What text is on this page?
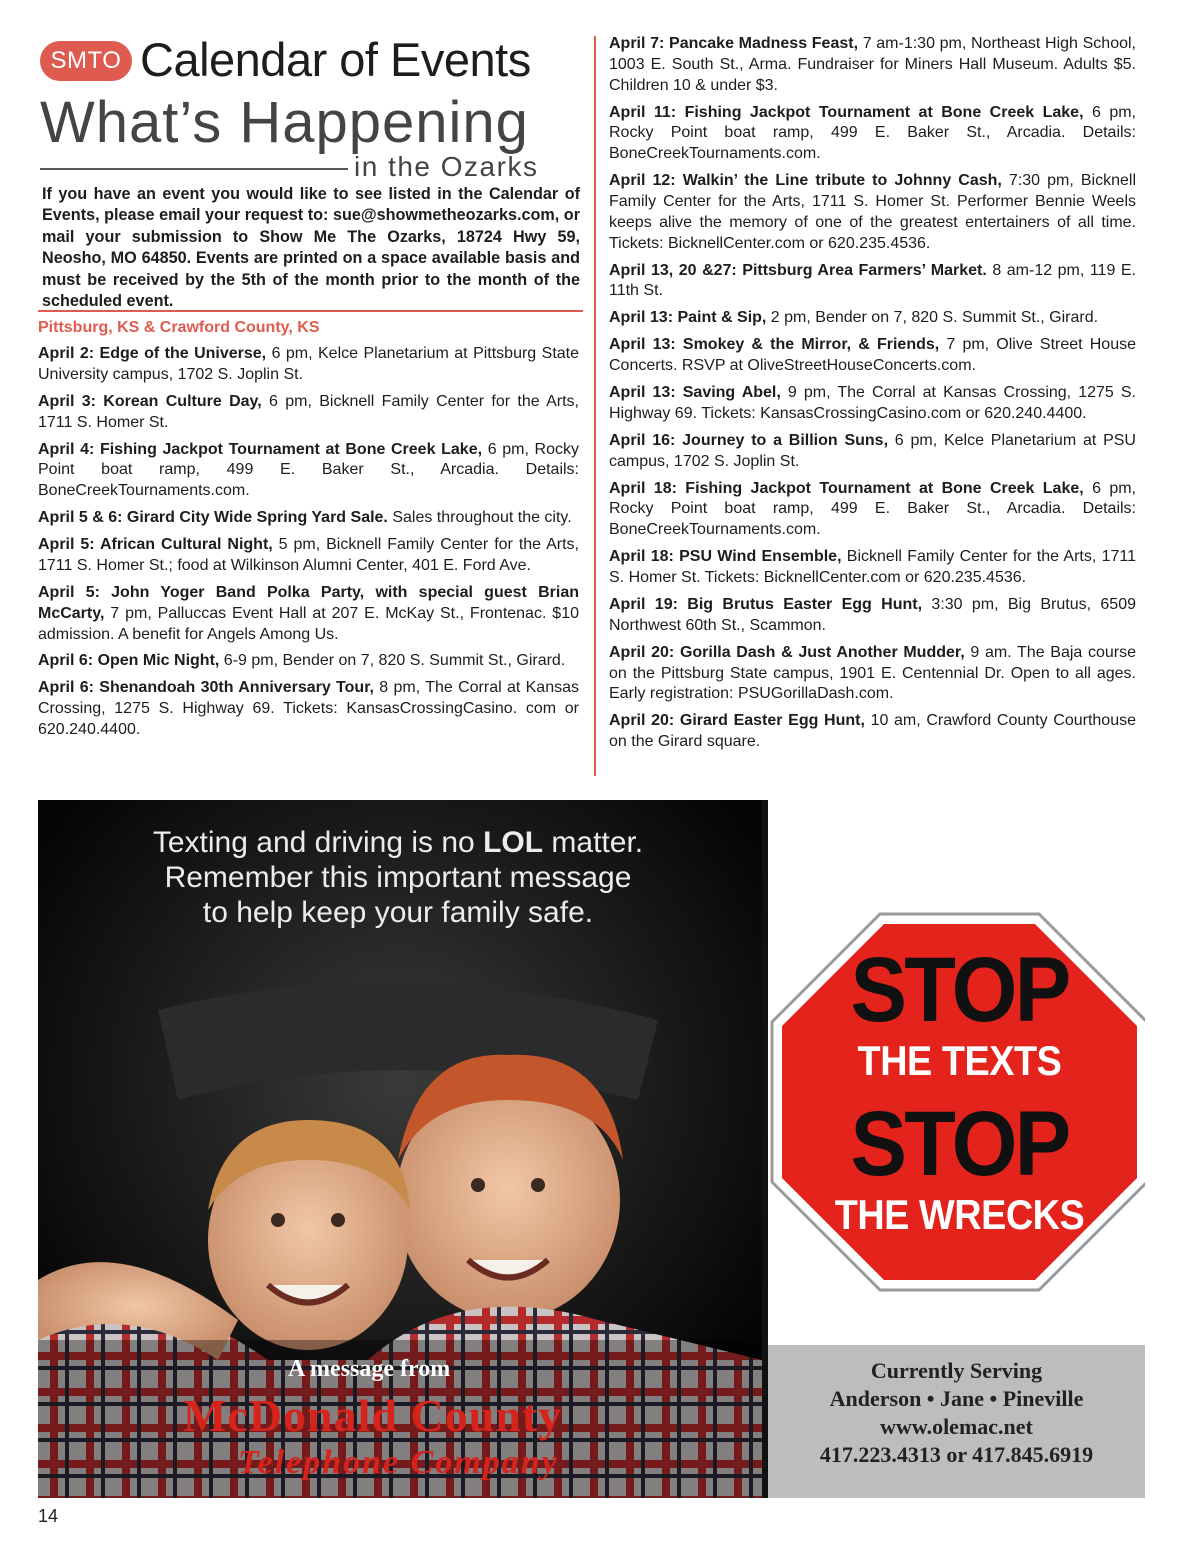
SMTO Calendar of Events
What’s Happening
in the Ozarks
If you have an event you would like to see listed in the Calendar of Events, please email your request to: sue@showmetheozarks.com, or mail your submission to Show Me The Ozarks, 18724 Hwy 59, Neosho, MO 64850. Events are printed on a space available basis and must be received by the 5th of the month prior to the month of the scheduled event.
Pittsburg, KS & Crawford County, KS

April 2: Edge of the Universe, 6 pm, Kelce Planetarium at Pittsburg State University campus, 1702 S. Joplin St.

April 3: Korean Culture Day, 6 pm, Bicknell Family Center for the Arts, 1711 S. Homer St.

April 4: Fishing Jackpot Tournament at Bone Creek Lake, 6 pm, Rocky Point boat ramp, 499 E. Baker St., Arcadia. Details: BoneCreekTournaments.com.

April 5 & 6: Girard City Wide Spring Yard Sale. Sales throughout the city.

April 5: African Cultural Night, 5 pm, Bicknell Family Center for the Arts, 1711 S. Homer St.; food at Wilkinson Alumni Center, 401 E. Ford Ave.

April 5: John Yoger Band Polka Party, with special guest Brian McCarty, 7 pm, Palluccas Event Hall at 207 E. McKay St., Frontenac. $10 admission. A benefit for Angels Among Us.

April 6: Open Mic Night, 6-9 pm, Bender on 7, 820 S. Summit St., Girard.

April 6: Shenandoah 30th Anniversary Tour, 8 pm, The Corral at Kansas Crossing, 1275 S. Highway 69. Tickets: KansasCrossingCasino. com or 620.240.4400.

April 7: Pancake Madness Feast, 7 am-1:30 pm, Northeast High School, 1003 E. South St., Arma. Fundraiser for Miners Hall Museum. Adults $5. Children 10 & under $3.

April 11: Fishing Jackpot Tournament at Bone Creek Lake, 6 pm, Rocky Point boat ramp, 499 E. Baker St., Arcadia. Details: BoneCreekTournaments.com.

April 12: Walkin’ the Line tribute to Johnny Cash, 7:30 pm, Bicknell Family Center for the Arts, 1711 S. Homer St. Performer Bennie Weels keeps alive the memory of one of the greatest entertainers of all time. Tickets: BicknellCenter.com or 620.235.4536.

April 13, 20 &27: Pittsburg Area Farmers’ Market. 8 am-12 pm, 119 E. 11th St.

April 13: Paint & Sip, 2 pm, Bender on 7, 820 S. Summit St., Girard.

April 13: Smokey & the Mirror, & Friends, 7 pm, Olive Street House Concerts. RSVP at OliveStreetHouseConcerts.com.

April 13: Saving Abel, 9 pm, The Corral at Kansas Crossing, 1275 S. Highway 69. Tickets: KansasCrossingCasino.com or 620.240.4400.

April 16: Journey to a Billion Suns, 6 pm, Kelce Planetarium at PSU campus, 1702 S. Joplin St.

April 18: Fishing Jackpot Tournament at Bone Creek Lake, 6 pm, Rocky Point boat ramp, 499 E. Baker St., Arcadia. Details: BoneCreekTournaments.com.

April 18: PSU Wind Ensemble, Bicknell Family Center for the Arts, 1711 S. Homer St. Tickets: BicknellCenter.com or 620.235.4536.

April 19: Big Brutus Easter Egg Hunt, 3:30 pm, Big Brutus, 6509 Northwest 60th St., Scammon.

April 20: Gorilla Dash & Just Another Mudder, 9 am. The Baja course on the Pittsburg State campus, 1901 E. Centennial Dr. Open to all ages. Early registration: PSUGorillaDash.com.

April 20: Girard Easter Egg Hunt, 10 am, Crawford County Courthouse on the Girard square.

Texting and driving is no LOL matter.
Remember this important message
to help keep your family safe.
A message from
McDonald County
Telephone Company
STOP
THE TEXTS
STOP
THE WRECKS
Currently Serving
Anderson • Jane • Pineville
www.olemac.net
417.223.4313 or 417.845.6919
14
